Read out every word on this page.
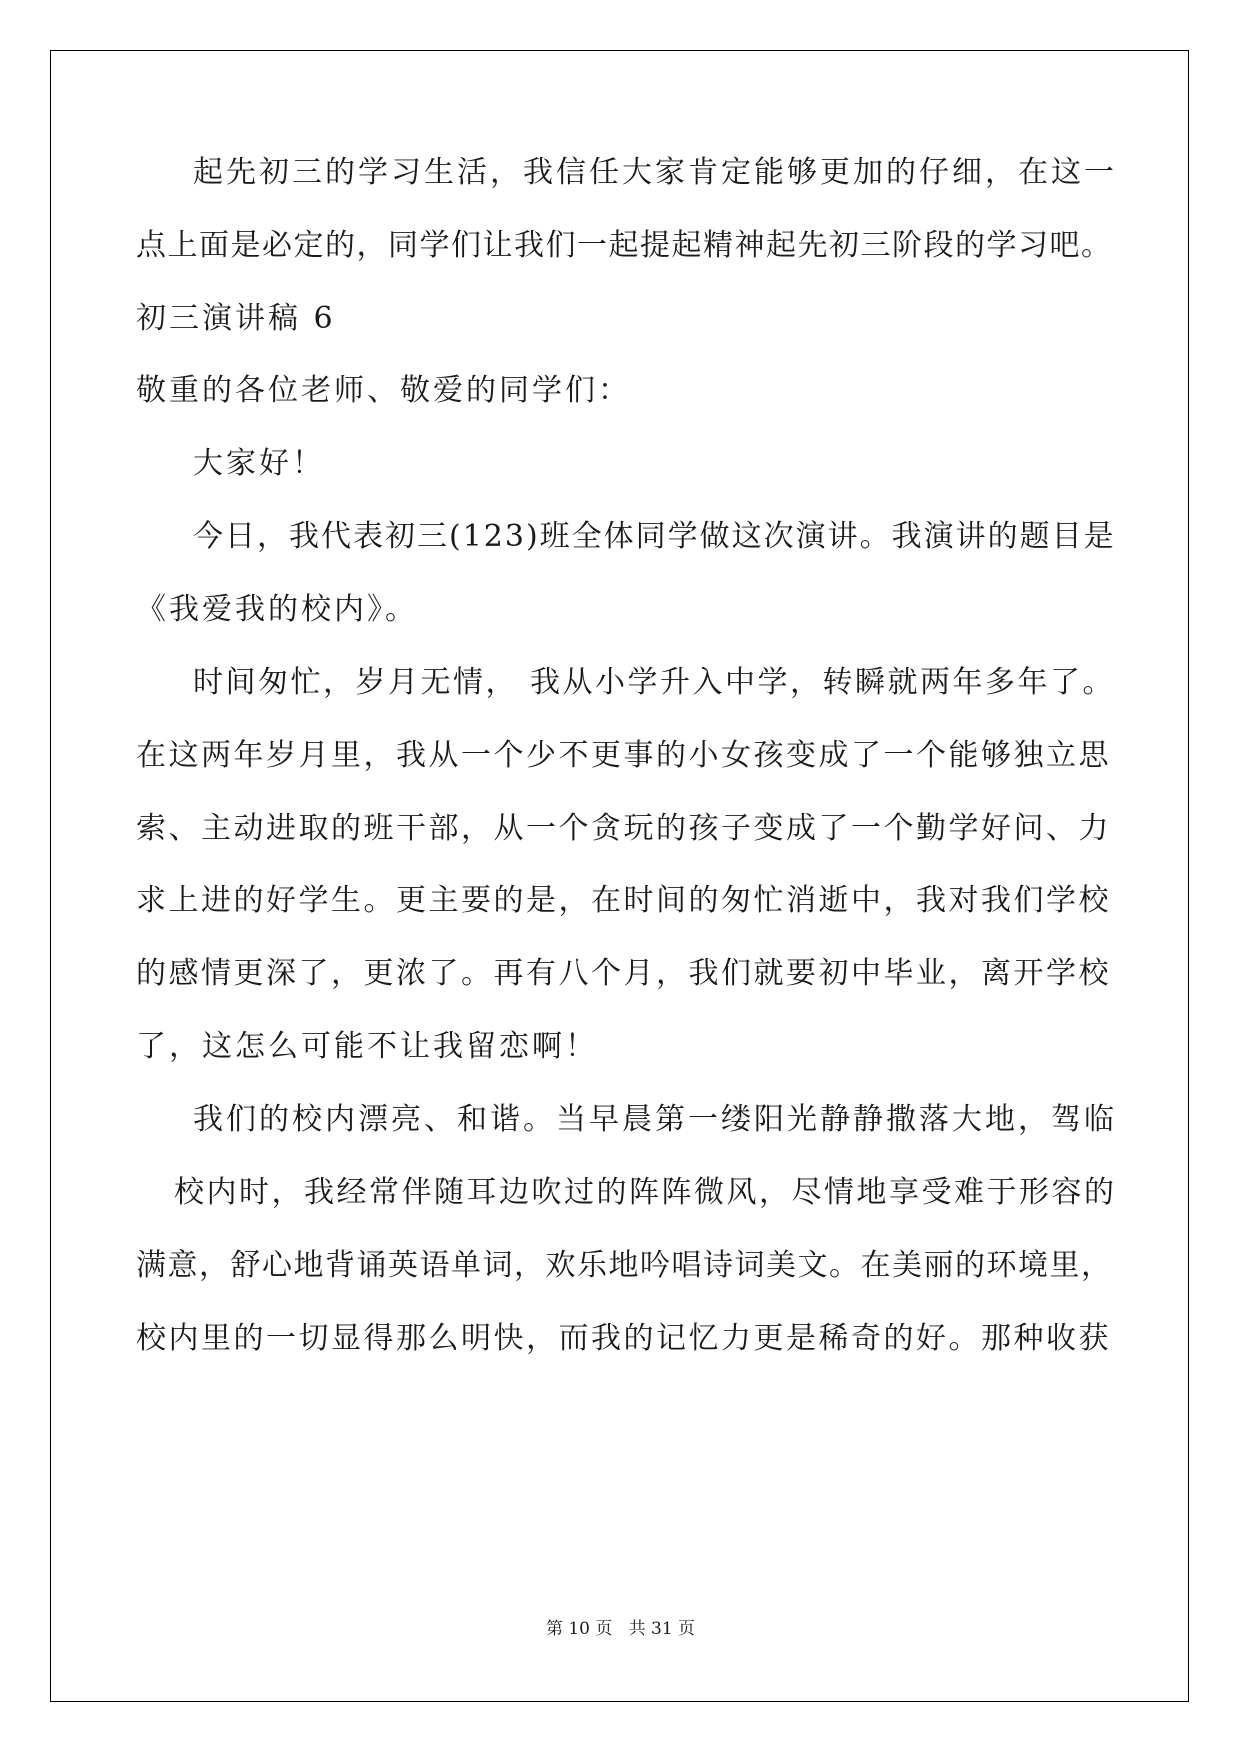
起先初三的学习生活，我信任大家肯定能够更加的仔细，在这一

点上面是必定的，同学们让我们一起提起精神起先初三阶段的学习吧。

初三演讲稿 6

敬重的各位老师、敬爱的同学们：

大家好！

今日，我代表初三(123)班全体同学做这次演讲。我演讲的题目是

《我爱我的校内》。

时间匆忙，岁月无情， 我从小学升入中学，转瞬就两年多年了。

在这两年岁月里，我从一个少不更事的小女孩变成了一个能够独立思

索、主动进取的班干部，从一个贪玩的孩子变成了一个勤学好问、力

求上进的好学生。更主要的是，在时间的匆忙消逝中，我对我们学校

的感情更深了，更浓了。再有八个月，我们就要初中毕业，离开学校

了，这怎么可能不让我留恋啊！

我们的校内漂亮、和谐。当早晨第一缕阳光静静撒落大地，驾临

校内时，我经常伴随耳边吹过的阵阵微风，尽情地享受难于形容的

满意，舒心地背诵英语单词，欢乐地吟唱诗词美文。在美丽的环境里，

校内里的一切显得那么明快，而我的记忆力更是稀奇的好。那种收获

第 10 页   共 31 页
